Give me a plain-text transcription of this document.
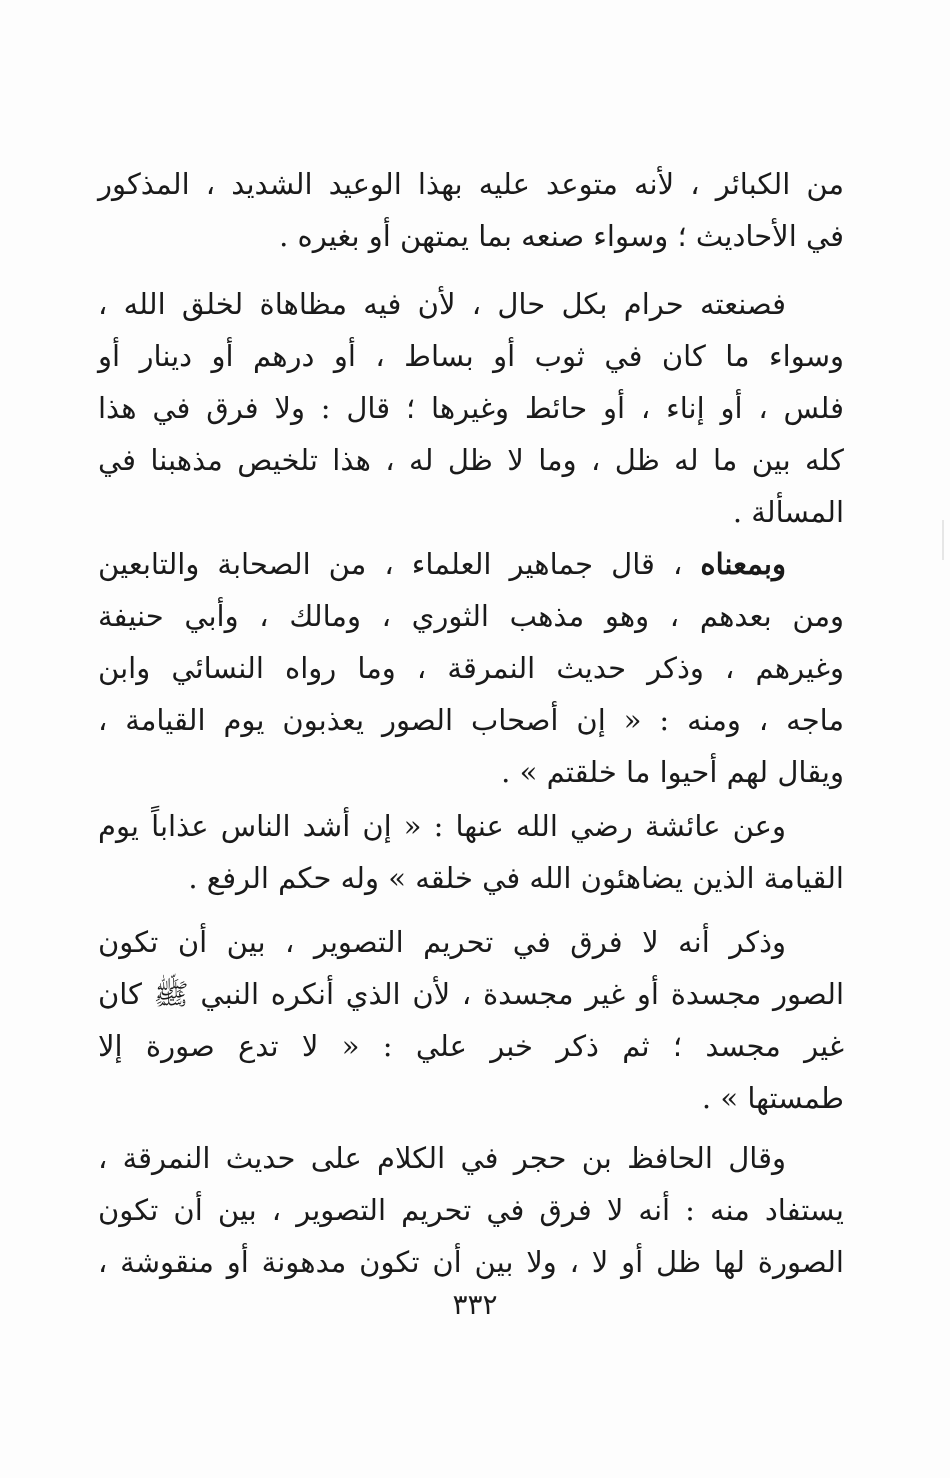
من الكبائر ، لأنه متوعد عليه بهذا الوعيد الشديد ، المذكور
في الأحاديث ؛ وسواء صنعه بما يمتهن أو بغيره .
فصنعته حرام بكل حال ، لأن فيه مظاهاة لخلق الله ،
وسواء ما كان في ثوب أو بساط ، أو درهم أو دينار أو
فلس ، أو إناء ، أو حائط وغيرها ؛ قال : ولا فرق في هذا
كله بين ما له ظل ، وما لا ظل له ، هذا تلخيص مذهبنا في
المسألة .
وبمعناه ، قال جماهير العلماء ، من الصحابة والتابعين
ومن بعدهم ، وهو مذهب الثوري ، ومالك ، وأبي حنيفة
وغيرهم ، وذكر حديث النمرقة ، وما رواه النسائي وابن
ماجه ، ومنه : « إن أصحاب الصور يعذبون يوم القيامة ،
ويقال لهم أحيوا ما خلقتم » .
وعن عائشة رضي الله عنها : « إن أشد الناس عذاباً يوم
القيامة الذين يضاهئون الله في خلقه » وله حكم الرفع .
وذكر أنه لا فرق في تحريم التصوير ، بين أن تكون
الصور مجسدة أو غير مجسدة ، لأن الذي أنكره النبي ﷺ كان
غير مجسد ؛ ثم ذكر خبر علي : « لا تدع صورة إلا
طمستها » .
وقال الحافظ بن حجر في الكلام على حديث النمرقة ،
يستفاد منه : أنه لا فرق في تحريم التصوير ، بين أن تكون
الصورة لها ظل أو لا ، ولا بين أن تكون مدهونة أو منقوشة ،
٣٣٢
